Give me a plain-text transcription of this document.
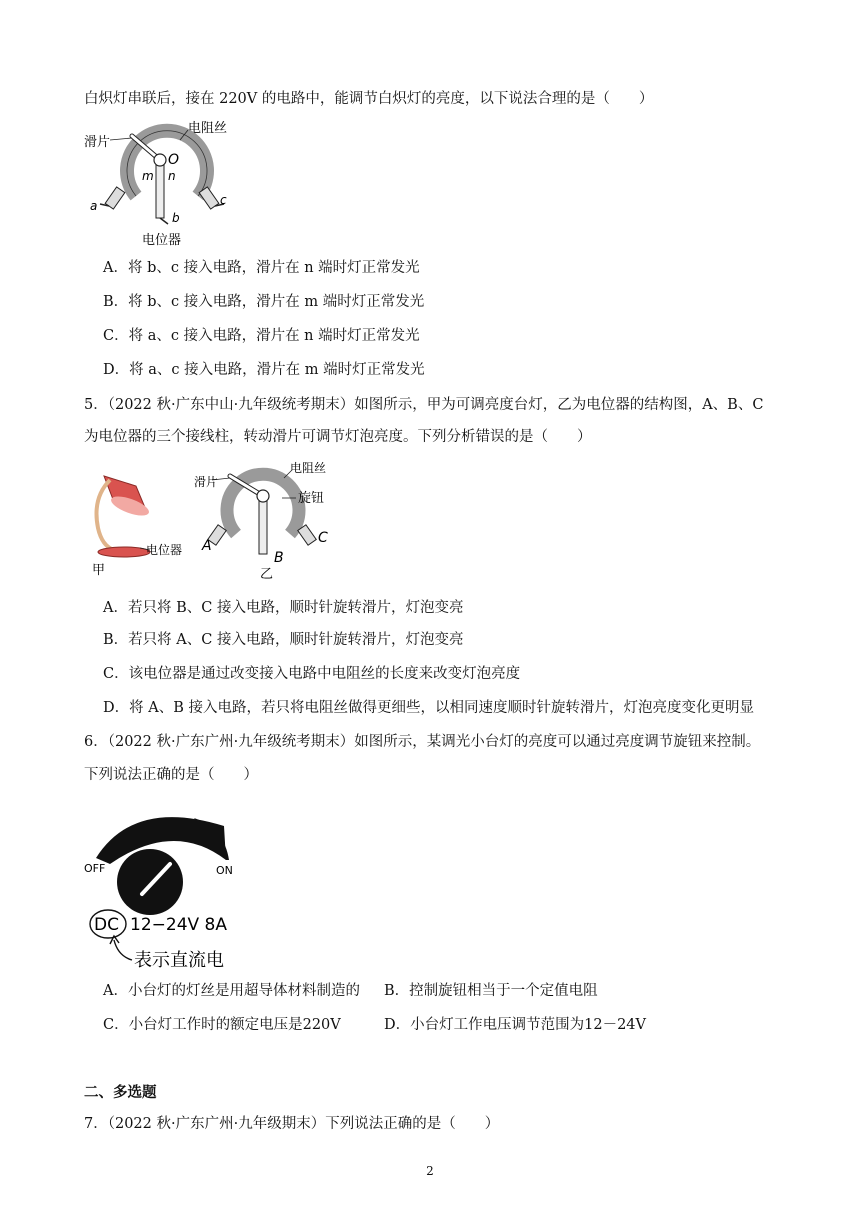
白炽灯串联后，接在 220V 的电路中，能调节白炽灯的亮度，以下说法合理的是（　　）
滑片
电阻丝
O
m n
a
b
c
电位器
A．将 b、c 接入电路，滑片在 n 端时灯正常发光
B．将 b、c 接入电路，滑片在 m 端时灯正常发光
C．将 a、c 接入电路，滑片在 n 端时灯正常发光
D．将 a、c 接入电路，滑片在 m 端时灯正常发光
5．（2022 秋·广东中山·九年级统考期末）如图所示，甲为可调亮度台灯，乙为电位器的结构图，A、B、C
为电位器的三个接线柱，转动滑片可调节灯泡亮度。下列分析错误的是（　　）
电位器
甲
滑片
电阻丝
旋钮
A
B
C
乙
A．若只将 B、C 接入电路，顺时针旋转滑片，灯泡变亮
B．若只将 A、C 接入电路，顺时针旋转滑片，灯泡变亮
C．该电位器是通过改变接入电路中电阻丝的长度来改变灯泡亮度
D．将 A、B 接入电路，若只将电阻丝做得更细些，以相同速度顺时针旋转滑片，灯泡亮度变化更明显
6．（2022 秋·广东广州·九年级统考期末）如图所示，某调光小台灯的亮度可以通过亮度调节旋钮来控制。
下列说法正确的是（　　）
OFF	ON
DC 12−24V 8A
表示直流电
A．小台灯的灯丝是用超导体材料制造的 B．控制旋钮相当于一个定值电阻
C．小台灯工作时的额定电压是220V	D．小台灯工作电压调节范围为12－24V
二、多选题
7．（2022 秋·广东广州·九年级期末）下列说法正确的是（　　）
2
